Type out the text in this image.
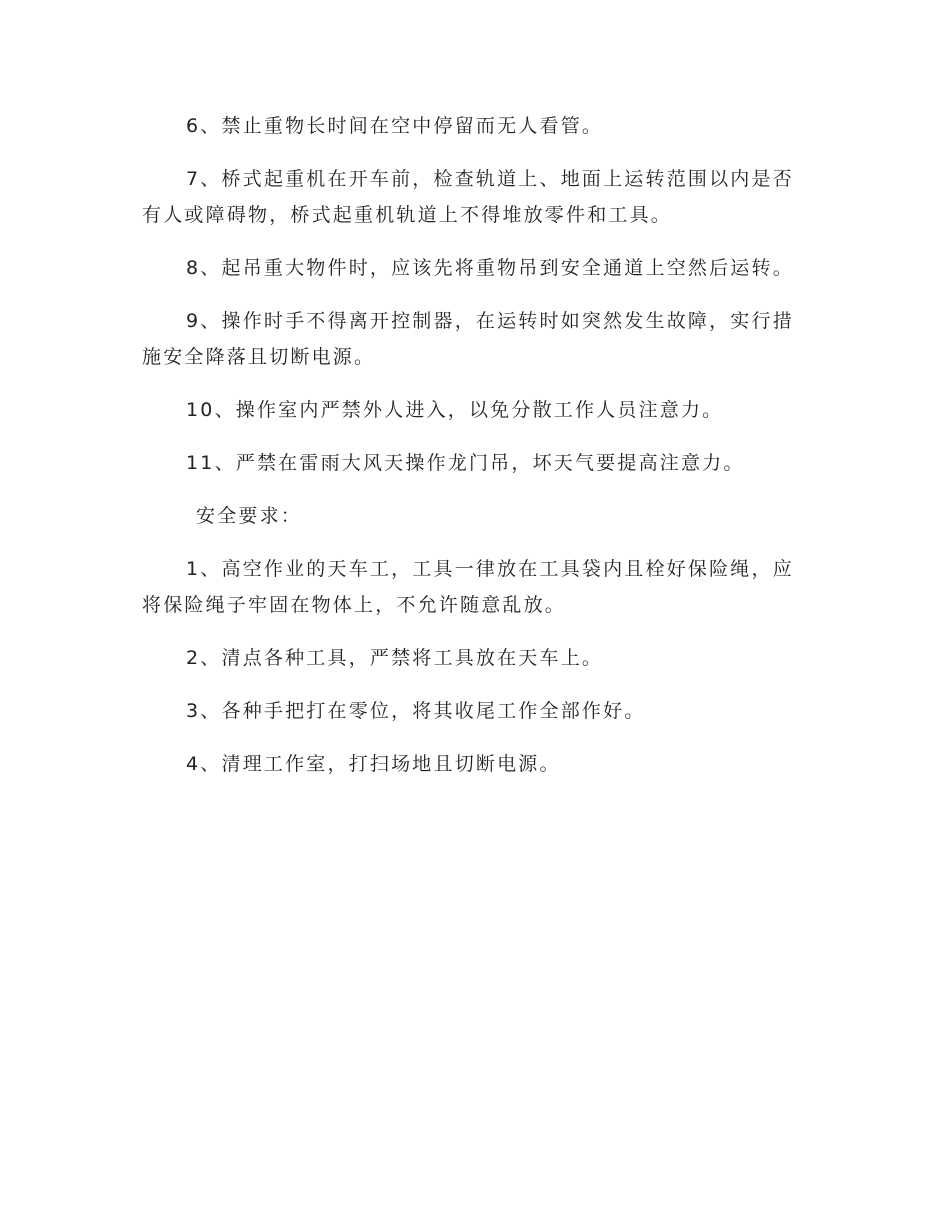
6、禁止重物长时间在空中停留而无人看管。

7、桥式起重机在开车前，检查轨道上、地面上运转范围以内是否有人或障碍物，桥式起重机轨道上不得堆放零件和工具。

8、起吊重大物件时，应该先将重物吊到安全通道上空然后运转。

9、操作时手不得离开控制器，在运转时如突然发生故障，实行措施安全降落且切断电源。

10、操作室内严禁外人进入，以免分散工作人员注意力。

11、严禁在雷雨大风天操作龙门吊，坏天气要提高注意力。

安全要求：

1、高空作业的天车工，工具一律放在工具袋内且栓好保险绳，应将保险绳子牢固在物体上，不允许随意乱放。

2、清点各种工具，严禁将工具放在天车上。

3、各种手把打在零位，将其收尾工作全部作好。

4、清理工作室，打扫场地且切断电源。
